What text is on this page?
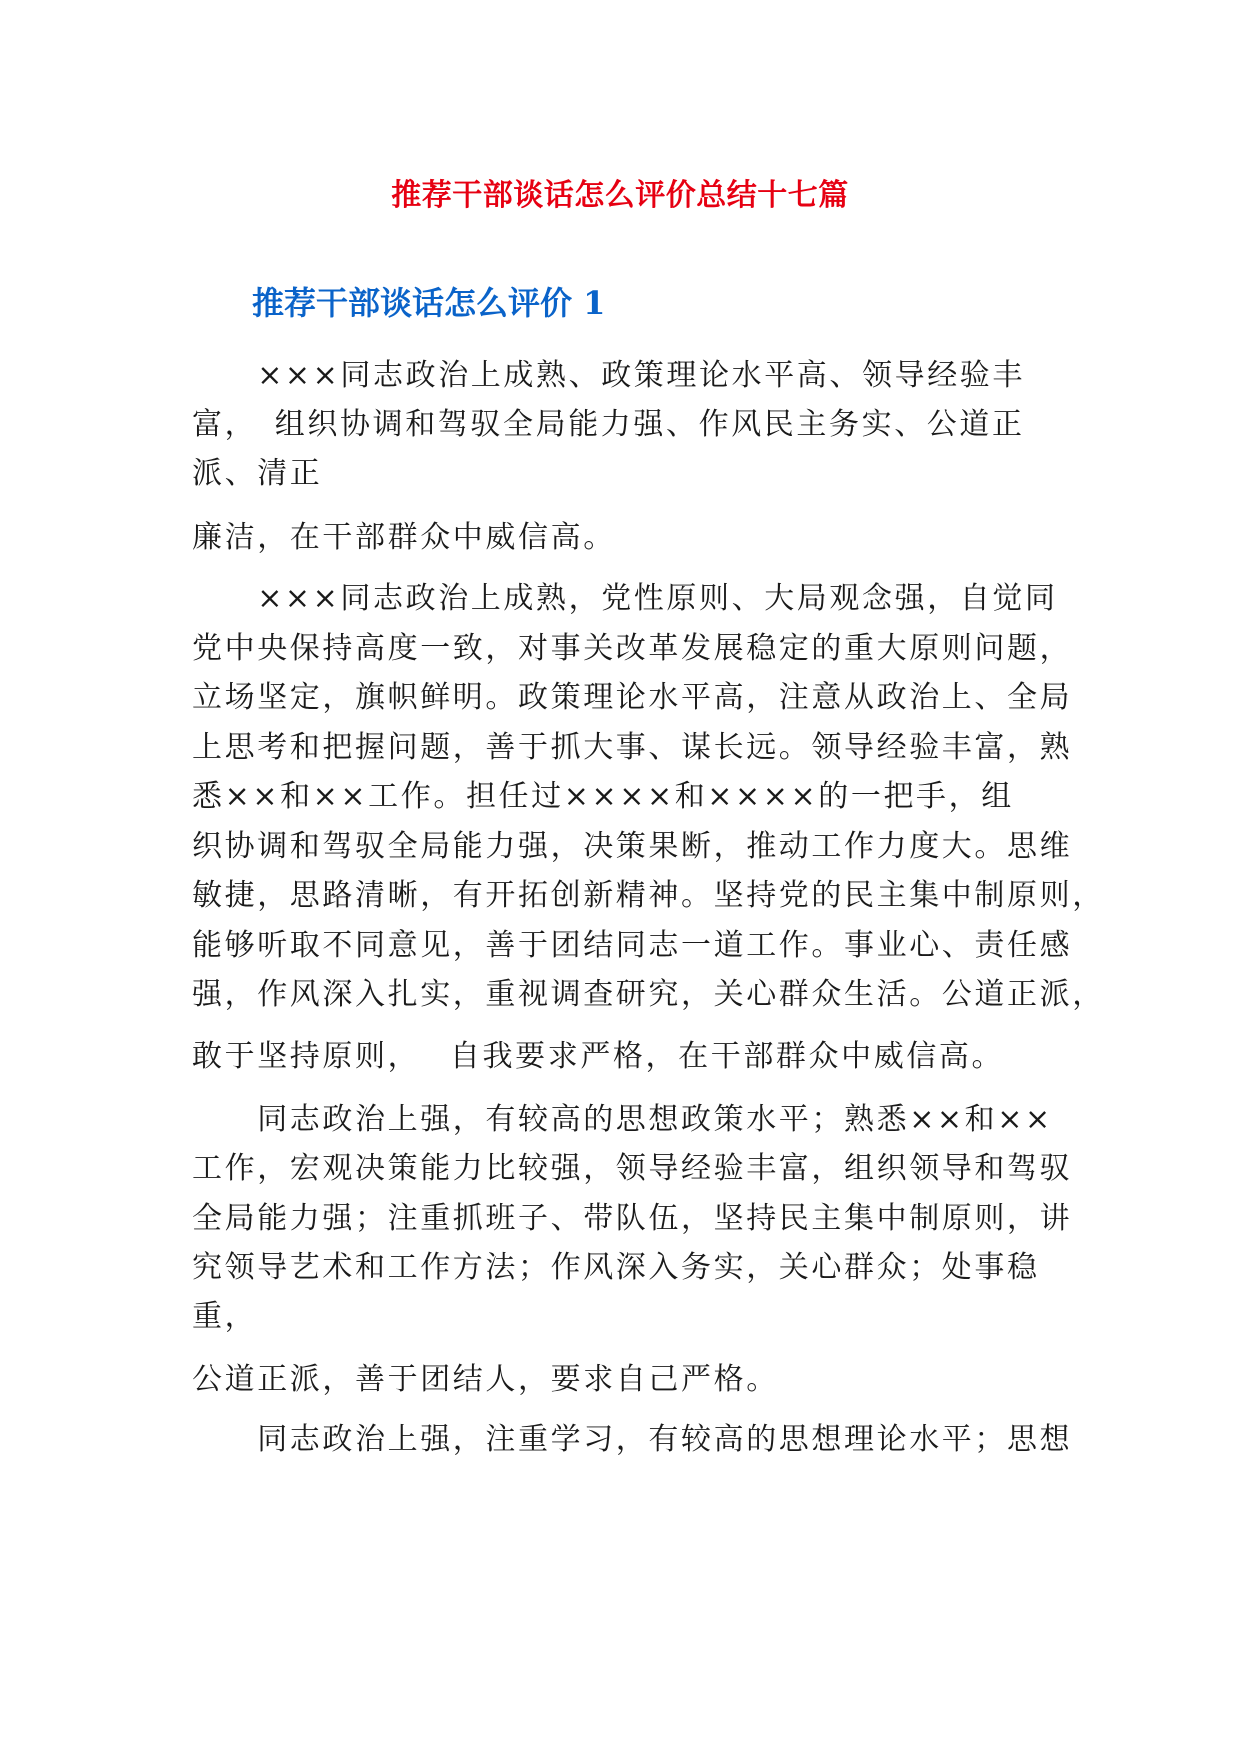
推荐干部谈话怎么评价总结十七篇
推荐干部谈话怎么评价 1
　　×××同志政治上成熟、政策理论水平高、领导经验丰
富，　组织协调和驾驭全局能力强、作风民主务实、公道正
派、清正
廉洁，在干部群众中威信高。
　　×××同志政治上成熟，党性原则、大局观念强，自觉同
党中央保持高度一致，对事关改革发展稳定的重大原则问题，
立场坚定，旗帜鲜明。政策理论水平高，注意从政治上、全局
上思考和把握问题，善于抓大事、谋长远。领导经验丰富，熟
悉××和××工作。担任过××××和××××的一把手，组
织协调和驾驭全局能力强，决策果断，推动工作力度大。思维
敏捷，思路清晰，有开拓创新精神。坚持党的民主集中制原则，
能够听取不同意见，善于团结同志一道工作。事业心、责任感
强，作风深入扎实，重视调查研究，关心群众生活。公道正派，
敢于坚持原则，　 自我要求严格，在干部群众中威信高。
　　同志政治上强，有较高的思想政策水平；熟悉××和××
工作，宏观决策能力比较强，领导经验丰富，组织领导和驾驭
全局能力强；注重抓班子、带队伍，坚持民主集中制原则，讲
究领导艺术和工作方法；作风深入务实，关心群众；处事稳
重，
公道正派，善于团结人，要求自己严格。
　　同志政治上强，注重学习，有较高的思想理论水平；思想
